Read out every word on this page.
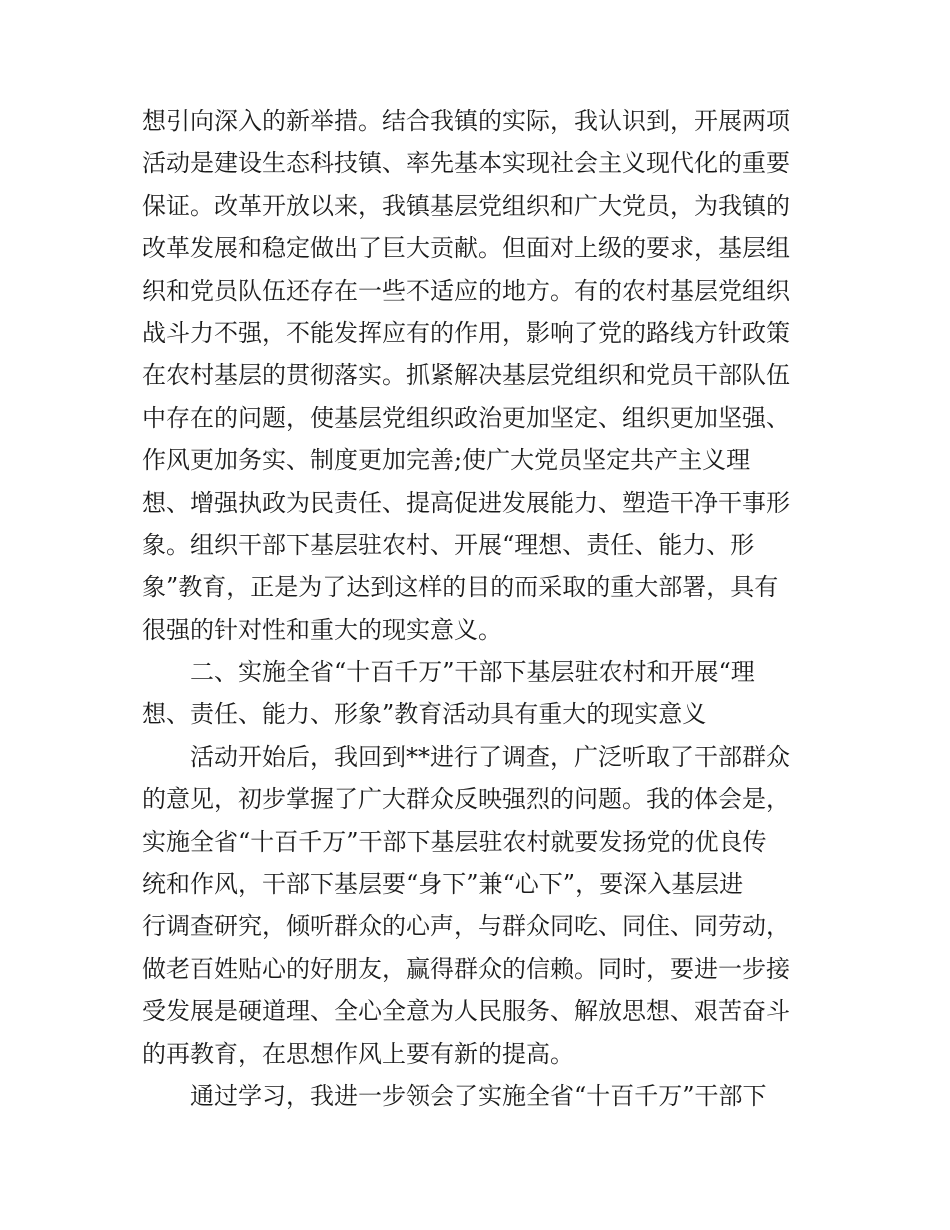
想引向深入的新举措。结合我镇的实际，我认识到，开展两项
活动是建设生态科技镇、率先基本实现社会主义现代化的重要
保证。改革开放以来，我镇基层党组织和广大党员，为我镇的
改革发展和稳定做出了巨大贡献。但面对上级的要求，基层组
织和党员队伍还存在一些不适应的地方。有的农村基层党组织
战斗力不强，不能发挥应有的作用，影响了党的路线方针政策
在农村基层的贯彻落实。抓紧解决基层党组织和党员干部队伍
中存在的问题，使基层党组织政治更加坚定、组织更加坚强、
作风更加务实、制度更加完善;使广大党员坚定共产主义理
想、增强执政为民责任、提高促进发展能力、塑造干净干事形
象。组织干部下基层驻农村、开展“理想、责任、能力、形
象”教育，正是为了达到这样的目的而采取的重大部署，具有
很强的针对性和重大的现实意义。
二、实施全省“十百千万”干部下基层驻农村和开展“理
想、责任、能力、形象”教育活动具有重大的现实意义
活动开始后，我回到**进行了调查，广泛听取了干部群众
的意见，初步掌握了广大群众反映强烈的问题。我的体会是，
实施全省“十百千万”干部下基层驻农村就要发扬党的优良传
统和作风，干部下基层要“身下”兼“心下”，要深入基层进
行调查研究，倾听群众的心声，与群众同吃、同住、同劳动，
做老百姓贴心的好朋友，赢得群众的信赖。同时，要进一步接
受发展是硬道理、全心全意为人民服务、解放思想、艰苦奋斗
的再教育，在思想作风上要有新的提高。
通过学习，我进一步领会了实施全省“十百千万”干部下
